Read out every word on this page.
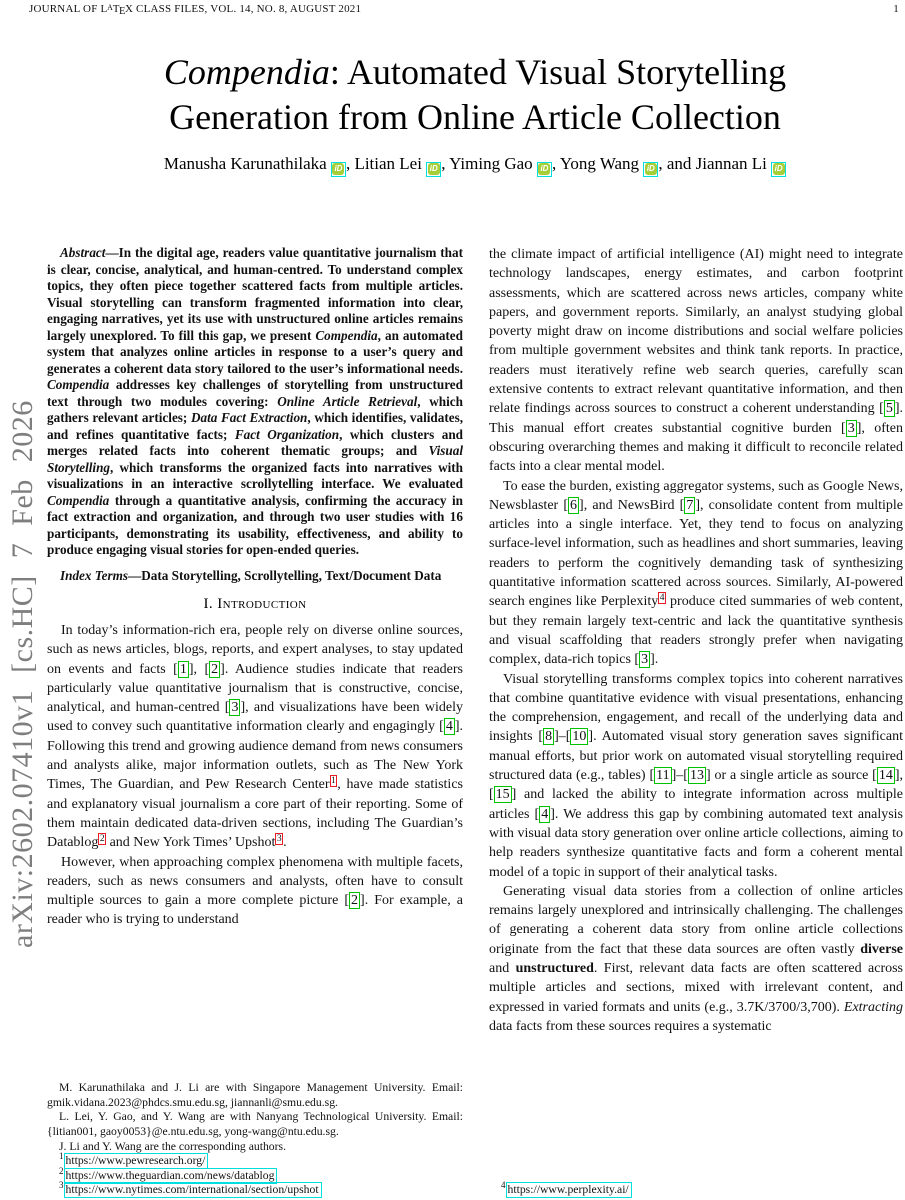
JOURNAL OF $L^ATEX$ CLASS FILES, VOL. 14, NO. 8, AUGUST 2021	1
arXiv:2602.07410v1 [cs.HC] 7 Feb 2026
Compendia: Automated Visual Storytelling
Generation from Online Article Collection
Manusha Karunathilaka iD , Litian Lei iD , Yiming Gao iD , Yong Wang iD , and Jiannan Li iD

Abstract—In the digital age, readers value quantitative journalism that is clear, concise, analytical, and human-centred. To understand complex topics, they often piece together scattered facts from multiple articles. Visual storytelling can transform fragmented information into clear, engaging narratives, yet its use with unstructured online articles remains largely unexplored. To fill this gap, we present Compendia, an automated system that analyzes online articles in response to a user’s query and generates a coherent data story tailored to the user’s informational needs. Compendia addresses key challenges of storytelling from unstructured text through two modules covering: Online Article Retrieval, which gathers relevant articles; Data Fact Extraction, which identifies, validates, and refines quantitative facts; Fact Organization, which clusters and merges related facts into coherent thematic groups; and Visual Storytelling, which transforms the organized facts into narratives with visualizations in an interactive scrollytelling interface. We evaluated Compendia through a quantitative analysis, confirming the accuracy in fact extraction and organization, and through two user studies with 16 participants, demonstrating its usability, effectiveness, and ability to produce engaging visual stories for open-ended queries.

Index Terms—Data Storytelling, Scrollytelling, Text/Document Data

I. Introduction

In today’s information-rich era, people rely on diverse online sources, such as news articles, blogs, reports, and expert analyses, to stay updated on events and facts [ 1 ], [ 2 ]. Audience studies indicate that readers particularly value quantitative journalism that is constructive, concise, analytical, and human-centred [ 3 ], and visualizations have been widely used to convey such quantitative information clearly and engagingly [ 4 ]. Following this trend and growing audience demand from news consumers and analysts alike, major information outlets, such as The New York Times, The Guardian, and Pew Research Center $^1$ , have made statistics and explanatory visual journalism a core part of their reporting. Some of them maintain dedicated data-driven sections, including The Guardian’s Datablog $^2$ and New York Times’ Upshot $^3$ .

However, when approaching complex phenomena with multiple facets, readers, such as news consumers and analysts, often have to consult multiple sources to gain a more complete picture [ 2 ]. For example, a reader who is trying to understand

M. Karunathilaka and J. Li are with Singapore Management University. Email: gmik.vidana.2023@phdcs.smu.edu.sg, jiannanli@smu.edu.sg.

L. Lei, Y. Gao, and Y. Wang are with Nanyang Technological University. Email: {litian001, gaoy0053}@e.ntu.edu.sg, yong-wang@ntu.edu.sg.

J. Li and Y. Wang are the corresponding authors.

$^1$ https://www.pewresearch.org/

$^2$ https://www.theguardian.com/news/datablog

$^3$ https://www.nytimes.com/international/section/upshot

the climate impact of artificial intelligence (AI) might need to integrate technology landscapes, energy estimates, and carbon footprint assessments, which are scattered across news articles, company white papers, and government reports. Similarly, an analyst studying global poverty might draw on income distributions and social welfare policies from multiple government websites and think tank reports. In practice, readers must iteratively refine web search queries, carefully scan extensive contents to extract relevant quantitative information, and then relate findings across sources to construct a coherent understanding [ 5 ]. This manual effort creates substantial cognitive burden [ 3 ], often obscuring overarching themes and making it difficult to reconcile related facts into a clear mental model.

To ease the burden, existing aggregator systems, such as Google News, Newsblaster [ 6 ], and NewsBird [ 7 ], consolidate content from multiple articles into a single interface. Yet, they tend to focus on analyzing surface-level information, such as headlines and short summaries, leaving readers to perform the cognitively demanding task of synthesizing quantitative information scattered across sources. Similarly, AI-powered search engines like Perplexity $^4$ produce cited summaries of web content, but they remain largely text-centric and lack the quantitative synthesis and visual scaffolding that readers strongly prefer when navigating complex, data-rich topics [ 3 ].

Visual storytelling transforms complex topics into coherent narratives that combine quantitative evidence with visual presentations, enhancing the comprehension, engagement, and recall of the underlying data and insights [ 8 ]–[ 10 ]. Automated visual story generation saves significant manual efforts, but prior work on automated visual storytelling required structured data (e.g., tables) [ 11 ]–[ 13 ] or a single article as source [ 14 ], [ 15 ] and lacked the ability to integrate information across multiple articles [ 4 ]. We address this gap by combining automated text analysis with visual data story generation over online article collections, aiming to help readers synthesize quantitative facts and form a coherent mental model of a topic in support of their analytical tasks.

Generating visual data stories from a collection of online articles remains largely unexplored and intrinsically challenging. The challenges of generating a coherent data story from online article collections originate from the fact that these data sources are often vastly diverse and unstructured. First, relevant data facts are often scattered across multiple articles and sections, mixed with irrelevant content, and expressed in varied formats and units (e.g., 3.7K/3700/3,700). Extracting data facts from these sources requires a systematic

$^4$ https://www.perplexity.ai/
